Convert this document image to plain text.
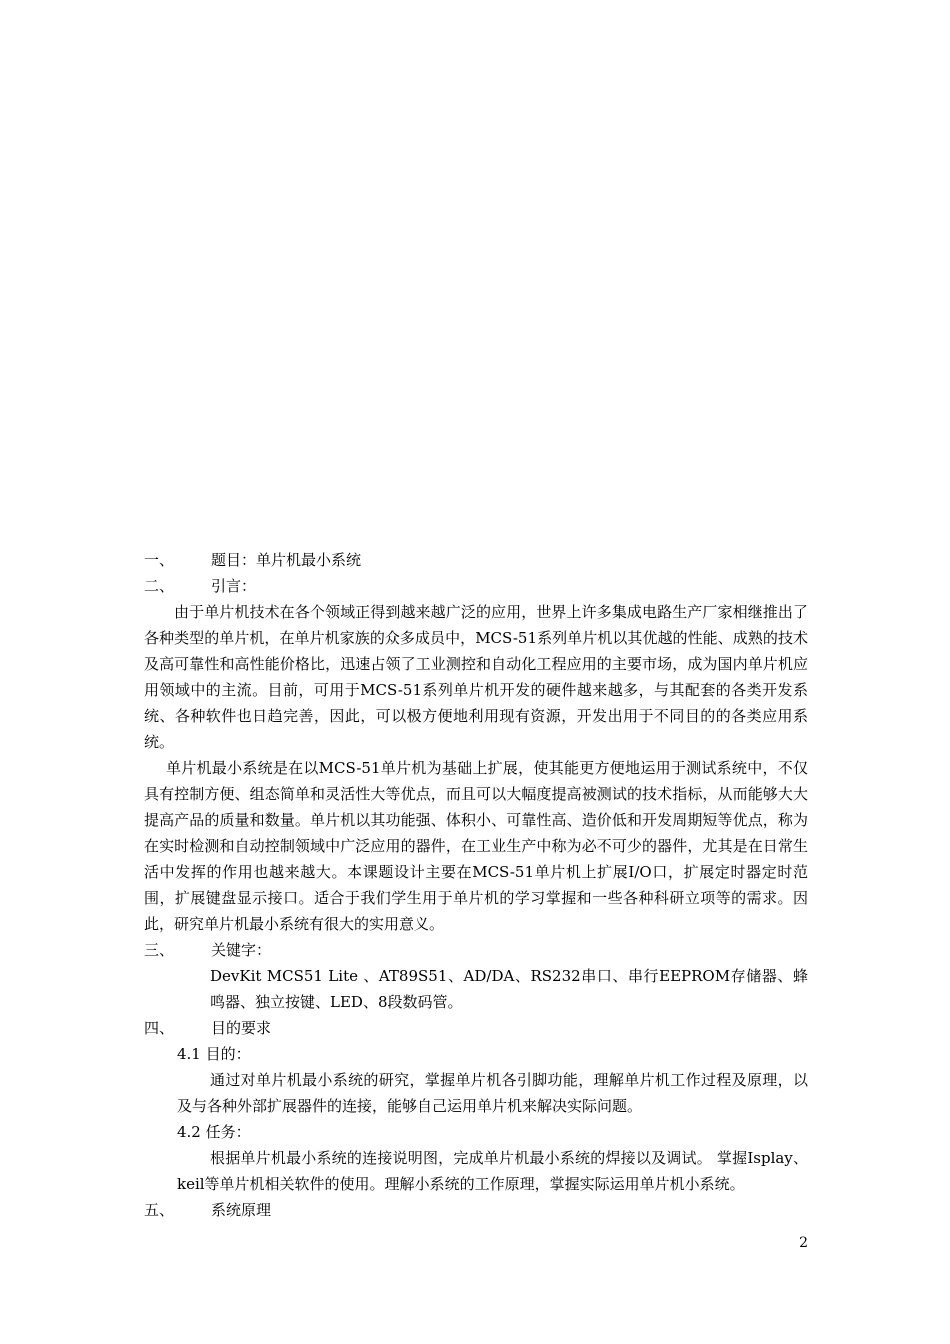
一、 题目：单片机最小系统
二、 引言：

由于单片机技术在各个领域正得到越来越广泛的应用，世界上许多集成电路生产厂家相继推出了各种类型的单片机，在单片机家族的众多成员中，MCS-51系列单片机以其优越的性能、成熟的技术及高可靠性和高性能价格比，迅速占领了工业测控和自动化工程应用的主要市场，成为国内单片机应用领域中的主流。目前，可用于MCS-51系列单片机开发的硬件越来越多，与其配套的各类开发系统、各种软件也日趋完善，因此，可以极方便地利用现有资源，开发出用于不同目的的各类应用系统。

单片机最小系统是在以MCS-51单片机为基础上扩展，使其能更方便地运用于测试系统中，不仅具有控制方便、组态简单和灵活性大等优点，而且可以大幅度提高被测试的技术指标，从而能够大大提高产品的质量和数量。单片机以其功能强、体积小、可靠性高、造价低和开发周期短等优点，称为在实时检测和自动控制领域中广泛应用的器件，在工业生产中称为必不可少的器件，尤其是在日常生活中发挥的作用也越来越大。本课题设计主要在MCS-51单片机上扩展I/O口，扩展定时器定时范围，扩展键盘显示接口。适合于我们学生用于单片机的学习掌握和一些各种科研立项等的需求。因此，研究单片机最小系统有很大的实用意义。

三、 关键字：
DevKit MCS51 Lite 、AT89S51、AD/DA、RS232串口、串行EEPROM存储器、蜂鸣器、独立按键、LED、8段数码管。
四、 目的要求
4.1 目的：
通过对单片机最小系统的研究，掌握单片机各引脚功能，理解单片机工作过程及原理，以及与各种外部扩展器件的连接，能够自己运用单片机来解决实际问题。
4.2 任务：
根据单片机最小系统的连接说明图，完成单片机最小系统的焊接以及调试。 掌握Isplay、keil等单片机相关软件的使用。理解小系统的工作原理，掌握实际运用单片机小系统。
五、 系统原理
2
